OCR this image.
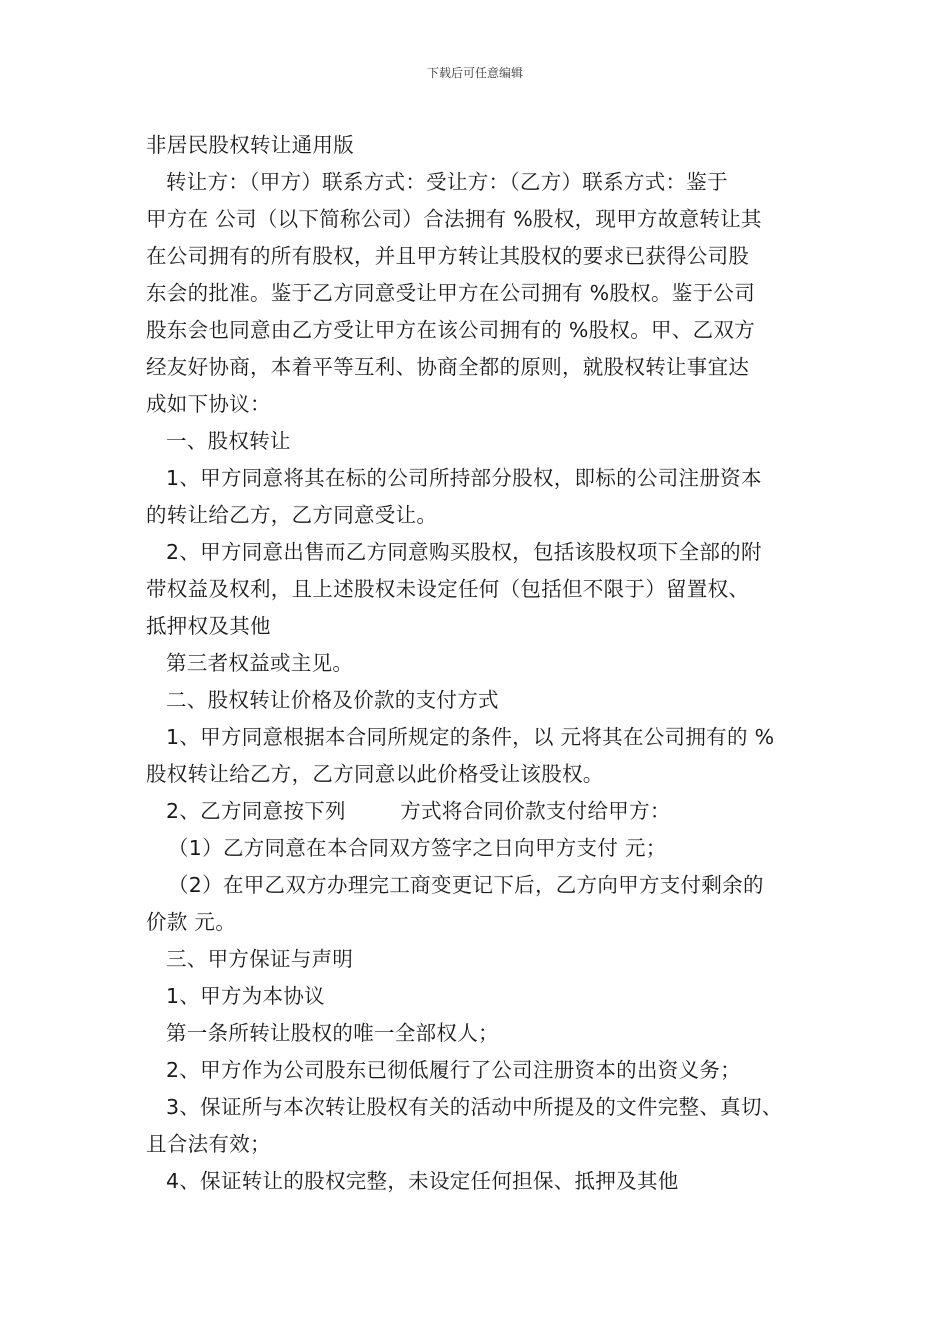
下载后可任意编辑
非居民股权转让通用版
转让方：（甲方）联系方式：受让方：（乙方）联系方式：鉴于
甲方在 公司（以下简称公司）合法拥有 %股权，现甲方故意转让其
在公司拥有的所有股权，并且甲方转让其股权的要求已获得公司股
东会的批准。鉴于乙方同意受让甲方在公司拥有 %股权。鉴于公司
股东会也同意由乙方受让甲方在该公司拥有的 %股权。甲、乙双方
经友好协商，本着平等互利、协商全都的原则，就股权转让事宜达
成如下协议：
一、股权转让
1、甲方同意将其在标的公司所持部分股权，即标的公司注册资本
的转让给乙方，乙方同意受让。
2、甲方同意出售而乙方同意购买股权，包括该股权项下全部的附
带权益及权利，且上述股权未设定任何（包括但不限于）留置权、
抵押权及其他
第三者权益或主见。
二、股权转让价格及价款的支付方式
1、甲方同意根据本合同所规定的条件，以 元将其在公司拥有的 %
股权转让给乙方，乙方同意以此价格受让该股权。
2、乙方同意按下列        方式将合同价款支付给甲方：
（1）乙方同意在本合同双方签字之日向甲方支付 元；
（2）在甲乙双方办理完工商变更记下后，乙方向甲方支付剩余的
价款 元。
三、甲方保证与声明
1、甲方为本协议
第一条所转让股权的唯一全部权人；
2、甲方作为公司股东已彻低履行了公司注册资本的出资义务；
3、保证所与本次转让股权有关的活动中所提及的文件完整、真切、
且合法有效；
4、保证转让的股权完整，未设定任何担保、抵押及其他
